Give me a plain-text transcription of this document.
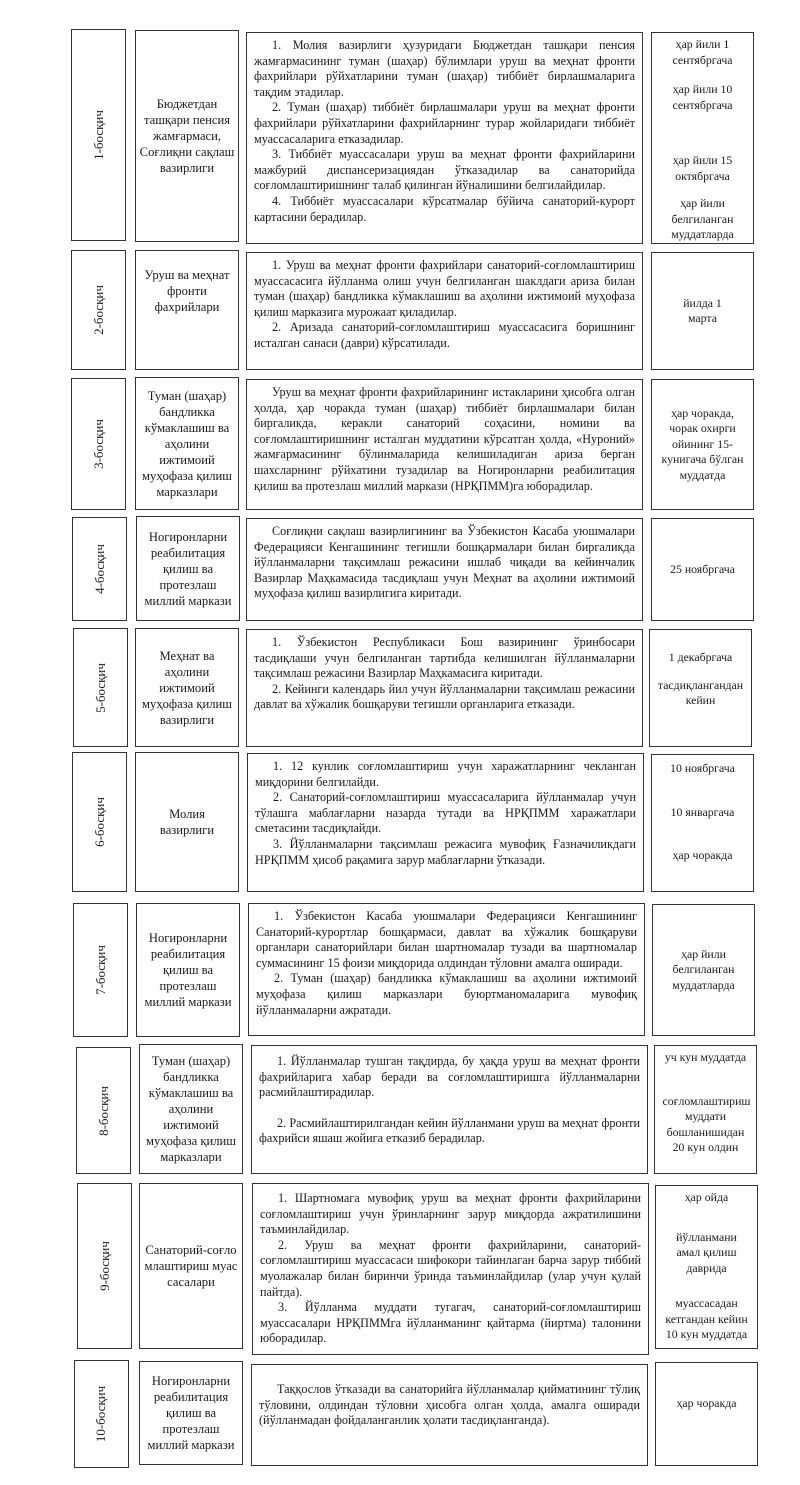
1-босқич
Бюджетдан ташқари пенсия жамғармаси, Соғлиқни сақлаш вазирлиги

1. Молия вазирлиги ҳузуридаги Бюджетдан ташқари пенсия жамғармасининг туман (шаҳар) бўлимлари уруш ва меҳнат фронти фахрийлари рўйхатларини туман (шаҳар) тиббиёт бирлашмаларига тақдим этадилар.

2. Туман (шаҳар) тиббиёт бирлашмалари уруш ва меҳнат фронти фахрийлари рўйхатларини фахрийларнинг турар жойларидаги тиббиёт муассасаларига етказадилар.

3. Тиббиёт муассасалари уруш ва меҳнат фронти фахрийларини мажбурий диспансеризациядан ўтказадилар ва санаторийда соғломлаштиришнинг талаб қилинган йўналишини белгилайдилар.

4. Тиббиёт муассасалари кўрсатмалар бўйича санаторий-курорт картасини берадилар.

ҳар йили 1 сентябргача
ҳар йили 10 сентябргача
ҳар йили 15 октябргача
ҳар йили белгиланган муддатларда
2-босқич
Уруш ва меҳнат фронти фахрийлари

1. Уруш ва меҳнат фронти фахрийлари санаторий-соғломлаштириш муассасасига йўлланма олиш учун белгиланган шаклдаги ариза билан туман (шаҳар) бандликка кўмаклашиш ва аҳолини ижтимоий муҳофаза қилиш марказига мурожаат қиладилар.

2. Аризада санаторий-соғломлаштириш муассасасига боришнинг исталган санаси (даври) кўрсатилади.

йилда 1 марта
3-босқич
Туман (шаҳар) бандликка кўмаклашиш ва аҳолини ижтимоий муҳофаза қилиш марказлари

Уруш ва меҳнат фронти фахрийларининг истакларини ҳисобга олган ҳолда, ҳар чоракда туман (шаҳар) тиббиёт бирлашмалари билан биргаликда, керакли санаторий соҳасини, номини ва соғломлаштиришнинг исталган муддатини кўрсатган ҳолда, «Нуроний» жамғармасининг бўлинмаларида келишиладиган ариза берган шахсларнинг рўйхатини тузадилар ва Ногиронларни реабилитация қилиш ва протезлаш миллий маркази (НРҚПММ)га юборадилар.

ҳар чоракда, чорак охирги ойининг 15-кунигача бўлган муддатда
4-босқич
Ногиронларни реабилитация қилиш ва протезлаш миллий маркази

Соғлиқни сақлаш вазирлигининг ва Ўзбекистон Касаба уюшмалари Федерацияси Кенгашининг тегишли бошқармалари билан биргаликда йўлланмаларни тақсимлаш режасини ишлаб чиқади ва кейинчалик Вазирлар Маҳкамасида тасдиқлаш учун Меҳнат ва аҳолини ижтимоий муҳофаза қилиш вазирлигига киритади.

25 ноябргача
5-босқич
Меҳнат ва аҳолини ижтимоий муҳофаза қилиш вазирлиги

1. Ўзбекистон Республикаси Бош вазирининг ўринбосари тасдиқлаши учун белгиланган тартибда келишилган йўлланмаларни тақсимлаш режасини Вазирлар Маҳкамасига киритади.

2. Кейинги календарь йил учун йўлланмаларни тақсимлаш режасини давлат ва хўжалик бошқаруви тегишли органларига етказади.

1 декабргача
тасдиқлангандан кейин
6-босқич	Молия вазирлиги

1. 12 кунлик соғломлаштириш учун харажатларнинг чекланган миқдорини белгилайди.

2. Санаторий-соғломлаштириш муассасаларига йўлланмалар учун тўлашга маблағларни назарда тутади ва НРҚПММ харажатлари сметасини тасдиқлайди.

3. Йўлланмаларни тақсимлаш режасига мувофиқ Ғазначиликдаги НРҚПММ ҳисоб рақамига зарур маблағларни ўтказади.

10 ноябргача
10 январгача
ҳар чоракда
7-босқич
Ногиронларни реабилитация қилиш ва протезлаш миллий маркази

1. Ўзбекистон Касаба уюшмалари Федерацияси Кенгашининг Санаторий-курортлар бошқармаси, давлат ва хўжалик бошқаруви органлари санаторийлари билан шартномалар тузади ва шартномалар суммасининг 15 фоизи миқдорида олдиндан тўловни амалга оширади.

2. Туман (шаҳар) бандликка кўмаклашиш ва аҳолини ижтимоий муҳофаза қилиш марказлари буюртманомаларига мувофиқ йўлланмаларни ажратади.

ҳар йили белгиланган муддатларда
8-босқич
Туман (шаҳар) бандликка кўмаклашиш ва аҳолини ижтимоий муҳофаза қилиш марказлари

1. Йўлланмалар тушган тақдирда, бу ҳақда уруш ва меҳнат фронти фахрийларига хабар беради ва соғломлаштиришга йўлланмаларни расмийлаштирадилар.

2. Расмийлаштирилгандан кейин йўлланмани уруш ва меҳнат фронти фахрийси яшаш жойига етказиб берадилар.

уч кун муддатда
соғломлаштириш муддати бошланишидан 20 кун олдин
9-босқич	Санаторий-соғломлаштириш муассасалари

1. Шартномага мувофиқ уруш ва меҳнат фронти фахрийларини соғломлаштириш учун ўринларнинг зарур миқдорда ажратилишини таъминлайдилар.

2. Уруш ва меҳнат фронти фахрийларини, санаторий-соғломлаштириш муассасаси шифокори тайинлаган барча зарур тиббий муолажалар билан биринчи ўринда таъминлайдилар (улар учун қулай пайтда).

3. Йўлланма муддати тугагач, санаторий-соғломлаштириш муассасалари НРҚПММга йўлланманинг қайтарма (йиртма) талонини юборадилар.

ҳар ойда
йўлланмани амал қилиш даврида
муассасадан кетгандан кейин 10 кун муддатда
10-босқич
Ногиронларни реабилитация қилиш ва протезлаш миллий маркази

Таққослов ўтказади ва санаторийга йўлланмалар қийматининг тўлиқ тўловини, олдиндан тўловни ҳисобга олган ҳолда, амалга оширади (йўлланмадан фойдаланганлик ҳолати тасдиқланганда).

ҳар чоракда
